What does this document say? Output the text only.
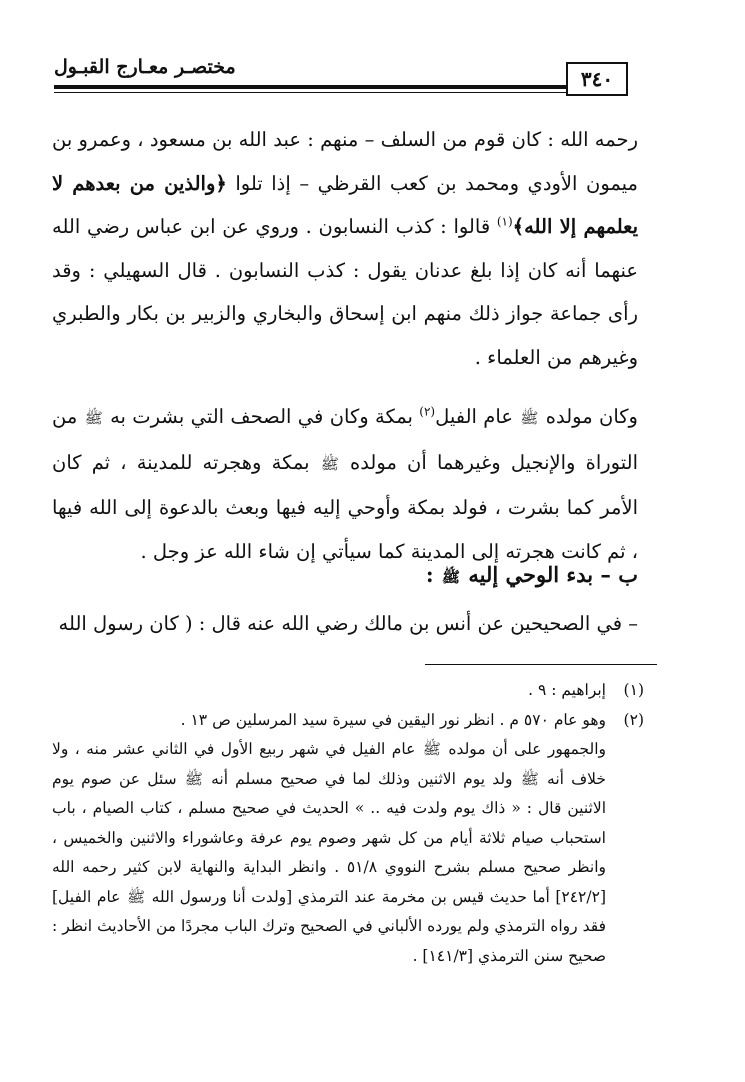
مختصـر معـارج القبـول	٣٤٠

رحمه الله : كان قوم من السلف – منهم : عبد الله بن مسعود ، وعمرو بن ميمون الأودي ومحمد بن كعب القرظي – إذا تلوا ﴿والذين من بعدهم لا يعلمهم إلا الله﴾$^{(١)}$ قالوا : كذب النسابون . وروي عن ابن عباس رضي الله عنهما أنه كان إذا بلغ عدنان يقول : كذب النسابون . قال السهيلي : وقد رأى جماعة جواز ذلك منهم ابن إسحاق والبخاري والزبير بن بكار والطبري وغيرهم من العلماء .

وكان مولده ﷺ عام الفيل$^{(٢)}$ بمكة وكان في الصحف التي بشرت به ﷺ من التوراة والإنجيل وغيرهما أن مولده ﷺ بمكة وهجرته للمدينة ، ثم كان الأمر كما بشرت ، فولد بمكة وأوحي إليه فيها وبعث بالدعوة إلى الله فيها ، ثم كانت هجرته إلى المدينة كما سيأتي إن شاء الله عز وجل .

ب – بدء الوحي إليه ﷺ :
– في الصحيحين عن أنس بن مالك رضي الله عنه قال : ( كان رسول الله
(١)
إبراهيم : ٩ .
(٢)
وهو عام ٥٧٠ م . انظر نور اليقين في سيرة سيد المرسلين ص ١٣ .
والجمهور على أن مولده ﷺ عام الفيل في شهر ربيع الأول في الثاني عشر منه ، ولا خلاف أنه ﷺ ولد يوم الاثنين وذلك لما في صحيح مسلم أنه ﷺ سئل عن صوم يوم الاثنين قال : « ذاك يوم ولدت فيه .. » الحديث في صحيح مسلم ، كتاب الصيام ، باب استحباب صيام ثلاثة أيام من كل شهر وصوم يوم عرفة وعاشوراء والاثنين والخميس ، وانظر صحيح مسلم بشرح النووي ٥١/٨ . وانظر البداية والنهاية لابن كثير رحمه الله [٢٤٢/٢] أما حديث قيس بن مخرمة عند الترمذي [ولدت أنا ورسول الله ﷺ عام الفيل] فقد رواه الترمذي ولم يورده الألباني في الصحيح وترك الباب مجردًا من الأحاديث انظر : صحيح سنن الترمذي [١٤١/٣] .
